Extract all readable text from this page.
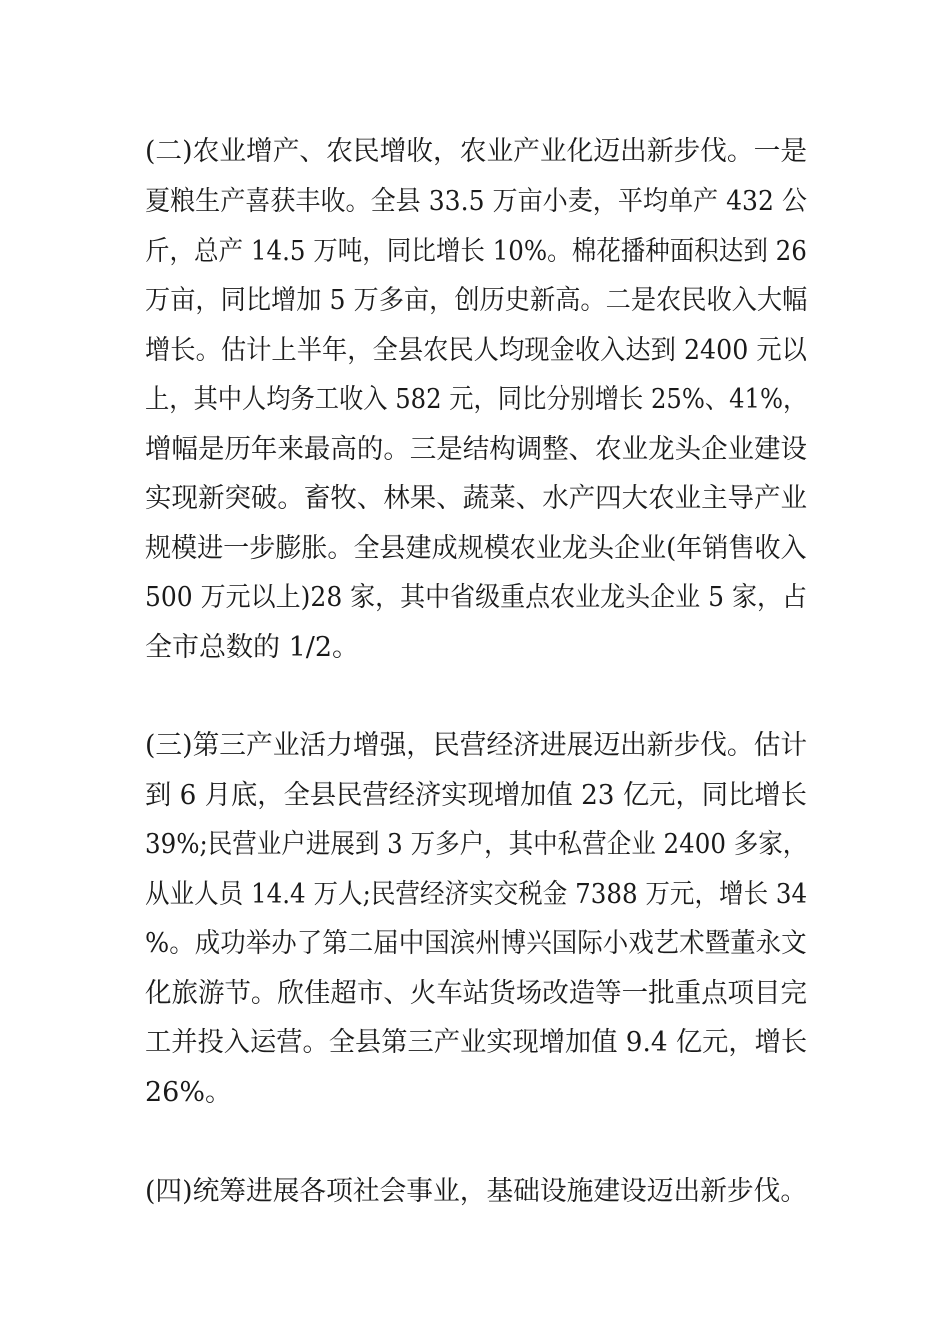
(二)农业增产、农民增收，农业产业化迈出新步伐。一是
夏粮生产喜获丰收。全县 33.5 万亩小麦，平均单产 432 公
斤，总产 14.5 万吨，同比增长 10%。棉花播种面积达到 26
万亩，同比增加 5 万多亩，创历史新高。二是农民收入大幅
增长。估计上半年，全县农民人均现金收入达到 2400 元以
上，其中人均务工收入 582 元，同比分别增长 25%、41%，
增幅是历年来最高的。三是结构调整、农业龙头企业建设
实现新突破。畜牧、林果、蔬菜、水产四大农业主导产业
规模进一步膨胀。全县建成规模农业龙头企业(年销售收入
500 万元以上)28 家，其中省级重点农业龙头企业 5 家，占
全市总数的 1/2。
(三)第三产业活力增强，民营经济进展迈出新步伐。估计
到 6 月底，全县民营经济实现增加值 23 亿元，同比增长
39%;民营业户进展到 3 万多户，其中私营企业 2400 多家，
从业人员 14.4 万人;民营经济实交税金 7388 万元，增长 34
%。成功举办了第二届中国滨州博兴国际小戏艺术暨董永文
化旅游节。欣佳超市、火车站货场改造等一批重点项目完
工并投入运营。全县第三产业实现增加值 9.4 亿元，增长
26%。
(四)统筹进展各项社会事业，基础设施建设迈出新步伐。
